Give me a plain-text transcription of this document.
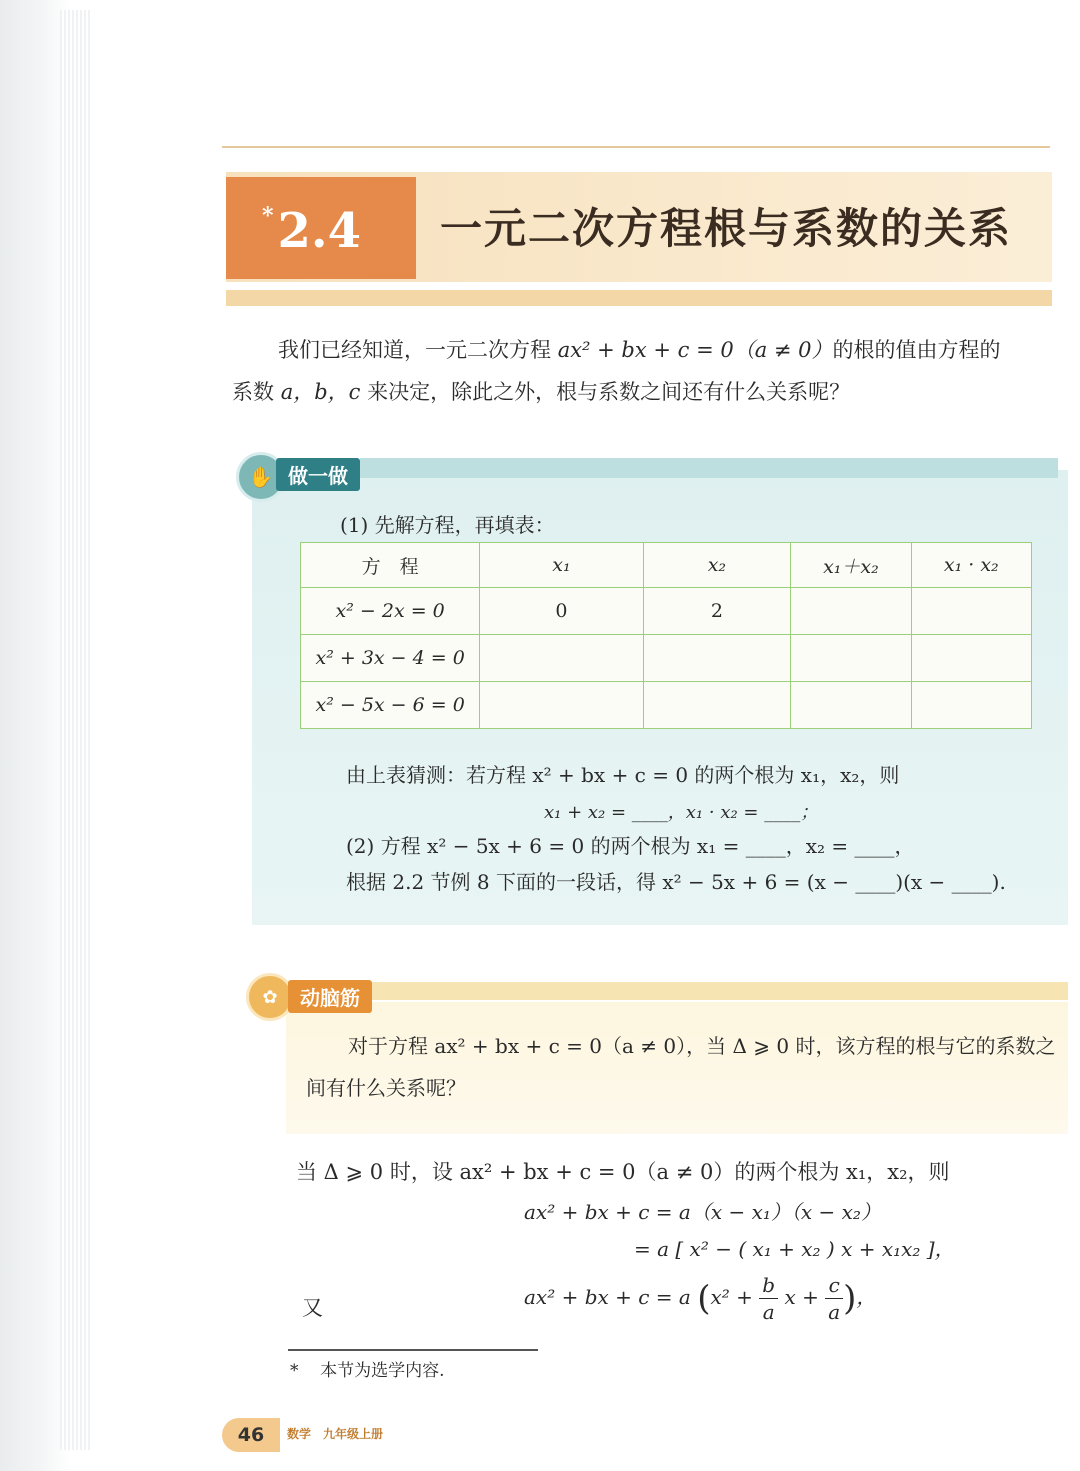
*2.4 一元二次方程根与系数的关系
我们已经知道，一元二次方程 ax² + bx + c = 0（a ≠ 0）的根的值由方程的
系数 a，b，c 来决定，除此之外，根与系数之间还有什么关系呢？
✋ 做一做
(1) 先解方程，再填表：
方　程	x₁	x₂	x₁＋x₂	x₁ · x₂
x² − 2x = 0	0	2		
x² + 3x − 4 = 0				
x² − 5x − 6 = 0				
由上表猜测：若方程 x² + bx + c = 0 的两个根为 x₁，x₂，则
x₁ + x₂ = ____，x₁ · x₂ = ____；
(2) 方程 x² − 5x + 6 = 0 的两个根为 x₁ = ____，x₂ = ____，
根据 2.2 节例 8 下面的一段话，得 x² − 5x + 6 = (x − ____)(x − ____).
✿	动脑筋
对于方程 ax² + bx + c = 0（a ≠ 0），当 Δ ⩾ 0 时，该方程的根与它的系数之
间有什么关系呢？
当 Δ ⩾ 0 时，设 ax² + bx + c = 0（a ≠ 0）的两个根为 x₁，x₂，则
ax² + bx + c = a（x − x₁）（x − x₂）
= a [ x² − ( x₁ + x₂ ) x + x₁x₂ ]，
又	ax² + bx + c = a ($x^2 + \frac{b}{a}$ $x + \frac{c}{a}$ )，
* 本节为选学内容.
46	数学　九年级上册
